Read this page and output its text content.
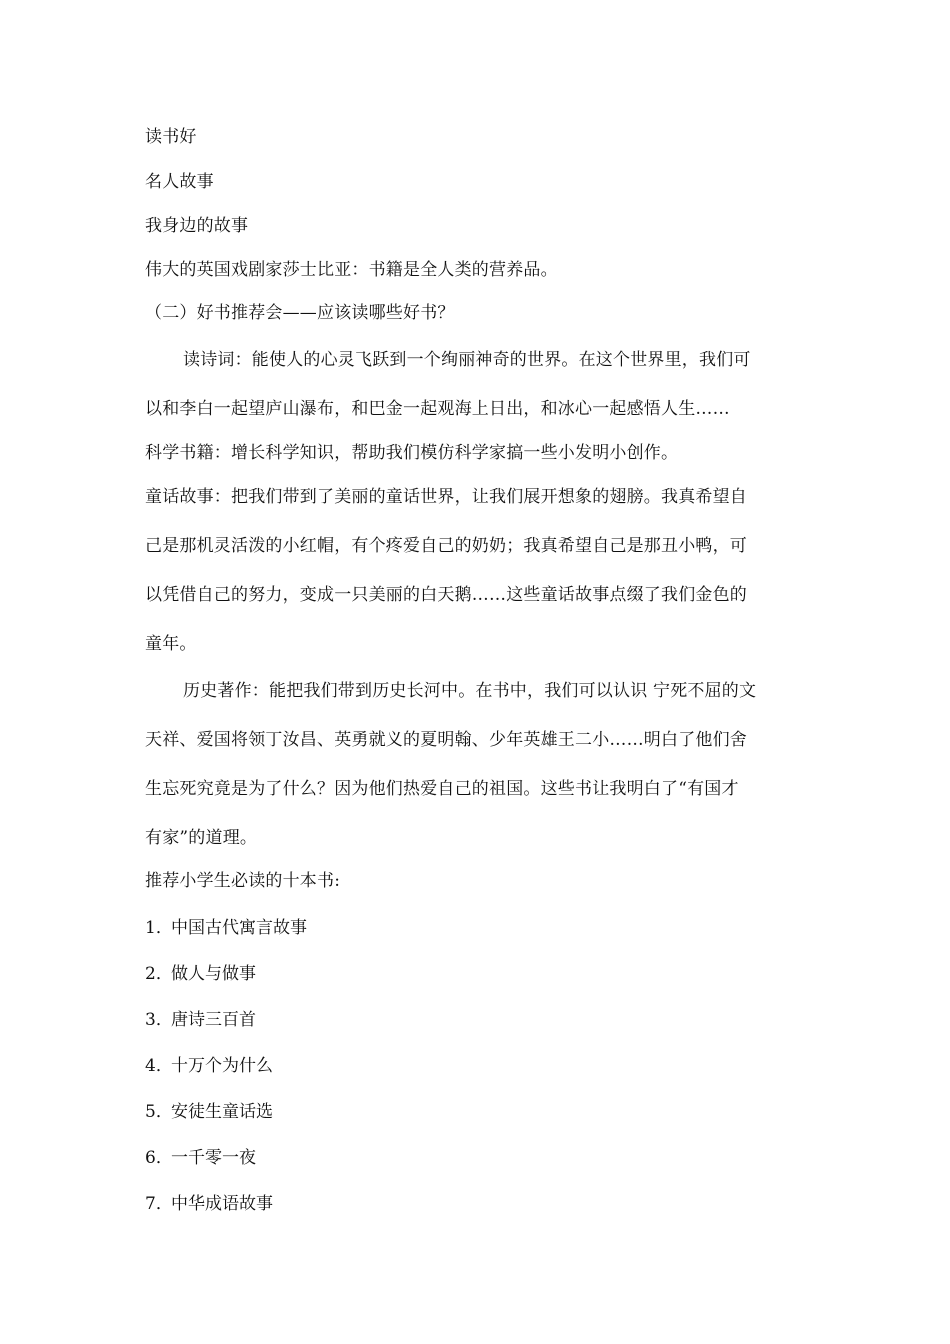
读书好
名人故事
我身边的故事
伟大的英国戏剧家莎士比亚：书籍是全人类的营养品。
（二）好书推荐会——应该读哪些好书？
读诗词：能使人的心灵飞跃到一个绚丽神奇的世界。在这个世界里，我们可
以和李白一起望庐山瀑布，和巴金一起观海上日出，和冰心一起感悟人生……
科学书籍：增长科学知识，帮助我们模仿科学家搞一些小发明小创作。
童话故事：把我们带到了美丽的童话世界，让我们展开想象的翅膀。我真希望自
己是那机灵活泼的小红帽，有个疼爱自己的奶奶；我真希望自己是那丑小鸭，可
以凭借自己的努力，变成一只美丽的白天鹅……这些童话故事点缀了我们金色的
童年。
历史著作：能把我们带到历史长河中。在书中，我们可以认识 宁死不屈的文
天祥、爱国将领丁汝昌、英勇就义的夏明翰、少年英雄王二小……明白了他们舍
生忘死究竟是为了什么？因为他们热爱自己的祖国。这些书让我明白了“有国才
有家”的道理。
推荐小学生必读的十本书:
1．中国古代寓言故事
2．做人与做事
3．唐诗三百首
4．十万个为什么
5．安徒生童话选
6．一千零一夜
7．中华成语故事
